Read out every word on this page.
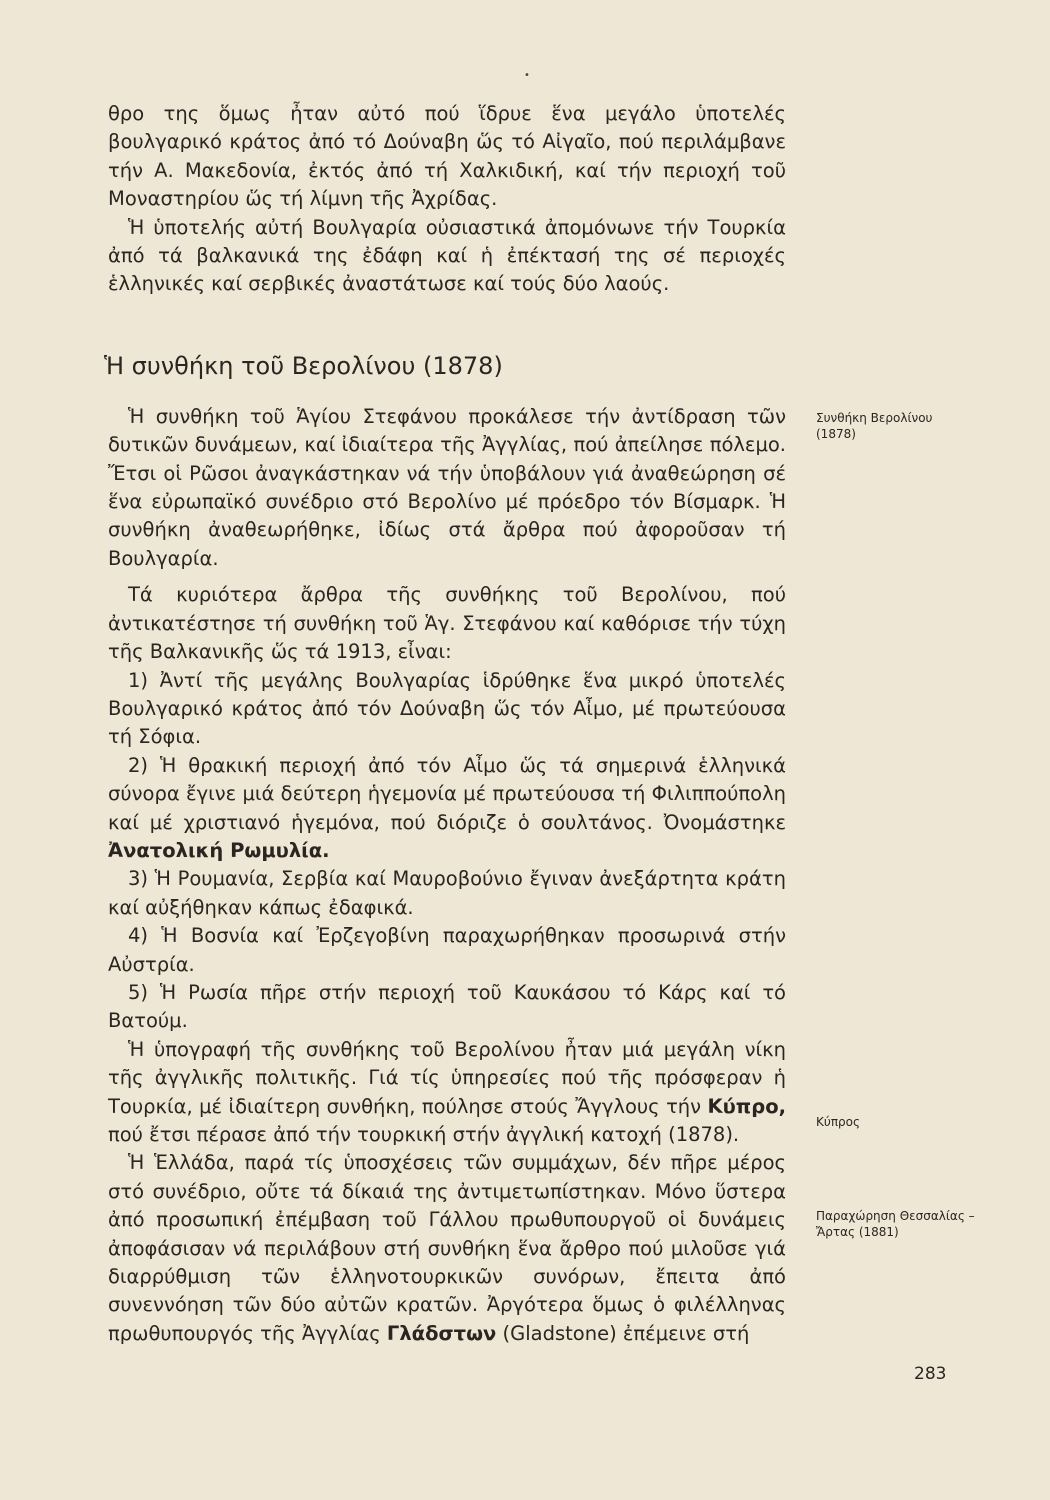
•

θρο της ὅμως ἦταν αὐτό πού ἵδρυε ἕνα μεγάλο ὑποτελές βουλγαρικό κράτος ἀπό τό Δούναβη ὥς τό Αἰγαῖο, πού περιλάμβανε τήν Α. Μακεδονία, ἐκτός ἀπό τή Χαλκιδική, καί τήν περιοχή τοῦ Μοναστηρίου ὥς τή λίμνη τῆς Ἀχρίδας.

Ἡ ὑποτελής αὐτή Βουλγαρία οὐσιαστικά ἀπομόνωνε τήν Τουρκία ἀπό τά βαλκανικά της ἐδάφη καί ἡ ἐπέκτασή της σέ περιοχές ἑλληνικές καί σερβικές ἀναστάτωσε καί τούς δύο λαούς.

Ἡ συνθήκη τοῦ Βερολίνου (1878)

Ἡ συνθήκη τοῦ Ἁγίου Στεφάνου προκάλεσε τήν ἀντίδραση τῶν δυτικῶν δυνάμεων, καί ἰδιαίτερα τῆς Ἀγγλίας, πού ἀπείλησε πόλεμο. Ἔτσι οἱ Ρῶσοι ἀναγκάστηκαν νά τήν ὑποβάλουν γιά ἀναθεώρηση σέ ἕνα εὐρωπαϊκό συνέδριο στό Βερολίνο μέ πρόεδρο τόν Βίσμαρκ. Ἡ συνθήκη ἀναθεωρήθηκε, ἰδίως στά ἄρθρα πού ἀφοροῦσαν τή Βουλγαρία.

Τά κυριότερα ἄρθρα τῆς συνθήκης τοῦ Βερολίνου, πού ἀντικατέστησε τή συνθήκη τοῦ Ἁγ. Στεφάνου καί καθόρισε τήν τύχη τῆς Βαλκανικῆς ὥς τά 1913, εἶναι:

1) Ἀντί τῆς μεγάλης Βουλγαρίας ἱδρύθηκε ἕνα μικρό ὑποτελές Βουλγαρικό κράτος ἀπό τόν Δούναβη ὥς τόν Αἶμο, μέ πρωτεύουσα τή Σόφια.

2) Ἡ θρακική περιοχή ἀπό τόν Αἶμο ὥς τά σημερινά ἑλληνικά σύνορα ἔγινε μιά δεύτερη ἡγεμονία μέ πρωτεύουσα τή Φιλιππούπολη καί μέ χριστιανό ἡγεμόνα, πού διόριζε ὁ σουλτάνος. Ὀνομάστηκε Ἀνατολική Ρωμυλία.

3) Ἡ Ρουμανία, Σερβία καί Μαυροβούνιο ἔγιναν ἀνεξάρτητα κράτη καί αὐξήθηκαν κάπως ἐδαφικά.

4) Ἡ Βοσνία καί Ἐρζεγοβίνη παραχωρήθηκαν προσωρινά στήν Αὐστρία.

5) Ἡ Ρωσία πῆρε στήν περιοχή τοῦ Καυκάσου τό Κάρς καί τό Βατούμ.

Ἡ ὑπογραφή τῆς συνθήκης τοῦ Βερολίνου ἦταν μιά μεγάλη νίκη τῆς ἀγγλικῆς πολιτικῆς. Γιά τίς ὑπηρεσίες πού τῆς πρόσφεραν ἡ Τουρκία, μέ ἰδιαίτερη συνθήκη, πούλησε στούς Ἄγγλους τήν Κύπρο, πού ἔτσι πέρασε ἀπό τήν τουρκική στήν ἀγγλική κατοχή (1878).

Ἡ Ἑλλάδα, παρά τίς ὑποσχέσεις τῶν συμμάχων, δέν πῆρε μέρος στό συνέδριο, οὔτε τά δίκαιά της ἀντιμετωπίστηκαν. Μόνο ὕστερα ἀπό προσωπική ἐπέμβαση τοῦ Γάλλου πρωθυπουργοῦ οἱ δυνάμεις ἀποφάσισαν νά περιλάβουν στή συνθήκη ἕνα ἄρθρο πού μιλοῦσε γιά διαρρύθμιση τῶν ἑλληνοτουρκικῶν συνόρων, ἔπειτα ἀπό συνεννόηση τῶν δύο αὐτῶν κρατῶν. Ἀργότερα ὅμως ὁ φιλέλληνας πρωθυπουργός τῆς Ἀγγλίας Γλάδστων (Gladstone) ἐπέμεινε στή

Συνθήκη Βερολίνου (1878)
Κύπρος
Παραχώρηση Θεσσαλίας – Ἄρτας (1881)
283
